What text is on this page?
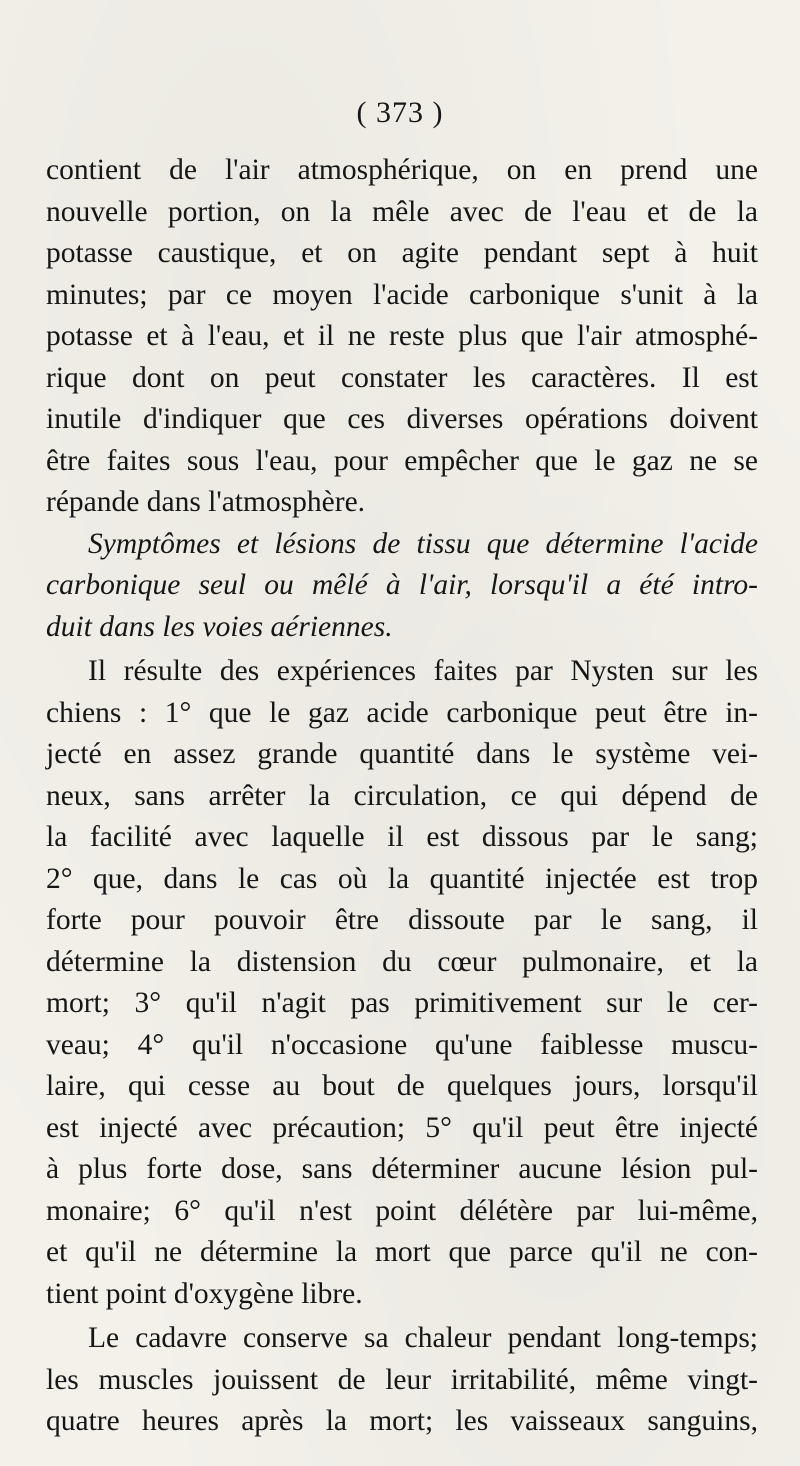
( 373 )
contient de l'air atmosphérique, on en prend une
nouvelle portion, on la mêle avec de l'eau et de la
potasse caustique, et on agite pendant sept à huit
minutes; par ce moyen l'acide carbonique s'unit à la
potasse et à l'eau, et il ne reste plus que l'air atmosphé-
rique dont on peut constater les caractères. Il est
inutile d'indiquer que ces diverses opérations doivent
être faites sous l'eau, pour empêcher que le gaz ne se
répande dans l'atmosphère.
Symptômes et lésions de tissu que détermine l'acide
carbonique seul ou mêlé à l'air, lorsqu'il a été intro-
duit dans les voies aériennes.
Il résulte des expériences faites par Nysten sur les
chiens : 1° que le gaz acide carbonique peut être in-
jecté en assez grande quantité dans le système vei-
neux, sans arrêter la circulation, ce qui dépend de
la facilité avec laquelle il est dissous par le sang;
2° que, dans le cas où la quantité injectée est trop
forte pour pouvoir être dissoute par le sang, il
détermine la distension du cœur pulmonaire, et la
mort; 3° qu'il n'agit pas primitivement sur le cer-
veau; 4° qu'il n'occasione qu'une faiblesse muscu-
laire, qui cesse au bout de quelques jours, lorsqu'il
est injecté avec précaution; 5° qu'il peut être injecté
à plus forte dose, sans déterminer aucune lésion pul-
monaire; 6° qu'il n'est point délétère par lui-même,
et qu'il ne détermine la mort que parce qu'il ne con-
tient point d'oxygène libre.
Le cadavre conserve sa chaleur pendant long-temps;
les muscles jouissent de leur irritabilité, même vingt-
quatre heures après la mort; les vaisseaux sanguins,
